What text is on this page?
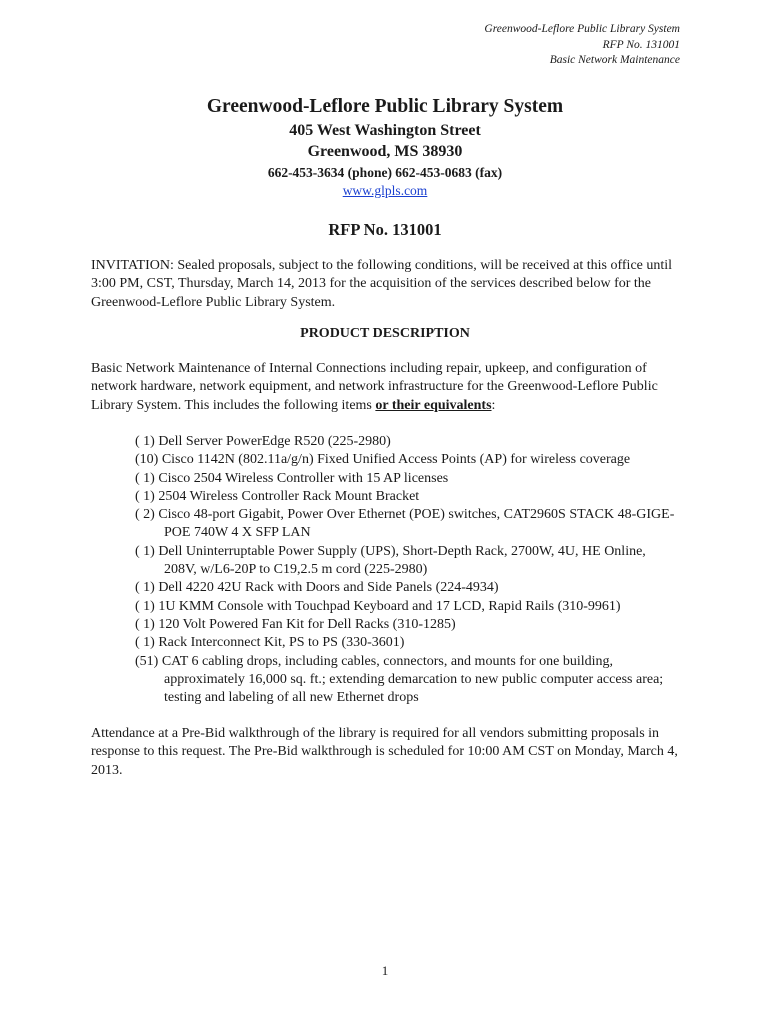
Greenwood-Leflore Public Library System
RFP No. 131001
Basic Network Maintenance
Greenwood-Leflore Public Library System
405 West Washington Street
Greenwood, MS 38930
662-453-3634 (phone) 662-453-0683 (fax)
www.glpls.com
RFP No. 131001
INVITATION: Sealed proposals, subject to the following conditions, will be received at this office until 3:00 PM, CST, Thursday, March 14, 2013 for the acquisition of the services described below for the Greenwood-Leflore Public Library System.
PRODUCT DESCRIPTION
Basic Network Maintenance of Internal Connections including repair, upkeep, and configuration of network hardware, network equipment, and network infrastructure for the Greenwood-Leflore Public Library System. This includes the following items or their equivalents:
( 1) Dell Server PowerEdge R520 (225-2980)
(10) Cisco 1142N (802.11a/g/n) Fixed Unified Access Points (AP) for wireless coverage
( 1) Cisco 2504 Wireless Controller with 15 AP licenses
( 1) 2504 Wireless Controller Rack Mount Bracket
( 2) Cisco 48-port Gigabit, Power Over Ethernet (POE) switches, CAT2960S STACK 48-GIGE-POE 740W 4 X SFP LAN
( 1) Dell Uninterruptable Power Supply (UPS), Short-Depth Rack, 2700W, 4U, HE Online, 208V, w/L6-20P to C19,2.5 m cord (225-2980)
( 1) Dell 4220 42U Rack with Doors and Side Panels (224-4934)
( 1) 1U KMM Console with Touchpad Keyboard and 17 LCD, Rapid Rails (310-9961)
( 1) 120 Volt Powered Fan Kit for Dell Racks (310-1285)
( 1) Rack Interconnect Kit, PS to PS (330-3601)
(51) CAT 6 cabling drops, including cables, connectors, and mounts for one building, approximately 16,000 sq. ft.; extending demarcation to new public computer access area; testing and labeling of all new Ethernet drops
Attendance at a Pre-Bid walkthrough of the library is required for all vendors submitting proposals in response to this request. The Pre-Bid walkthrough is scheduled for 10:00 AM CST on Monday, March 4, 2013.
1
